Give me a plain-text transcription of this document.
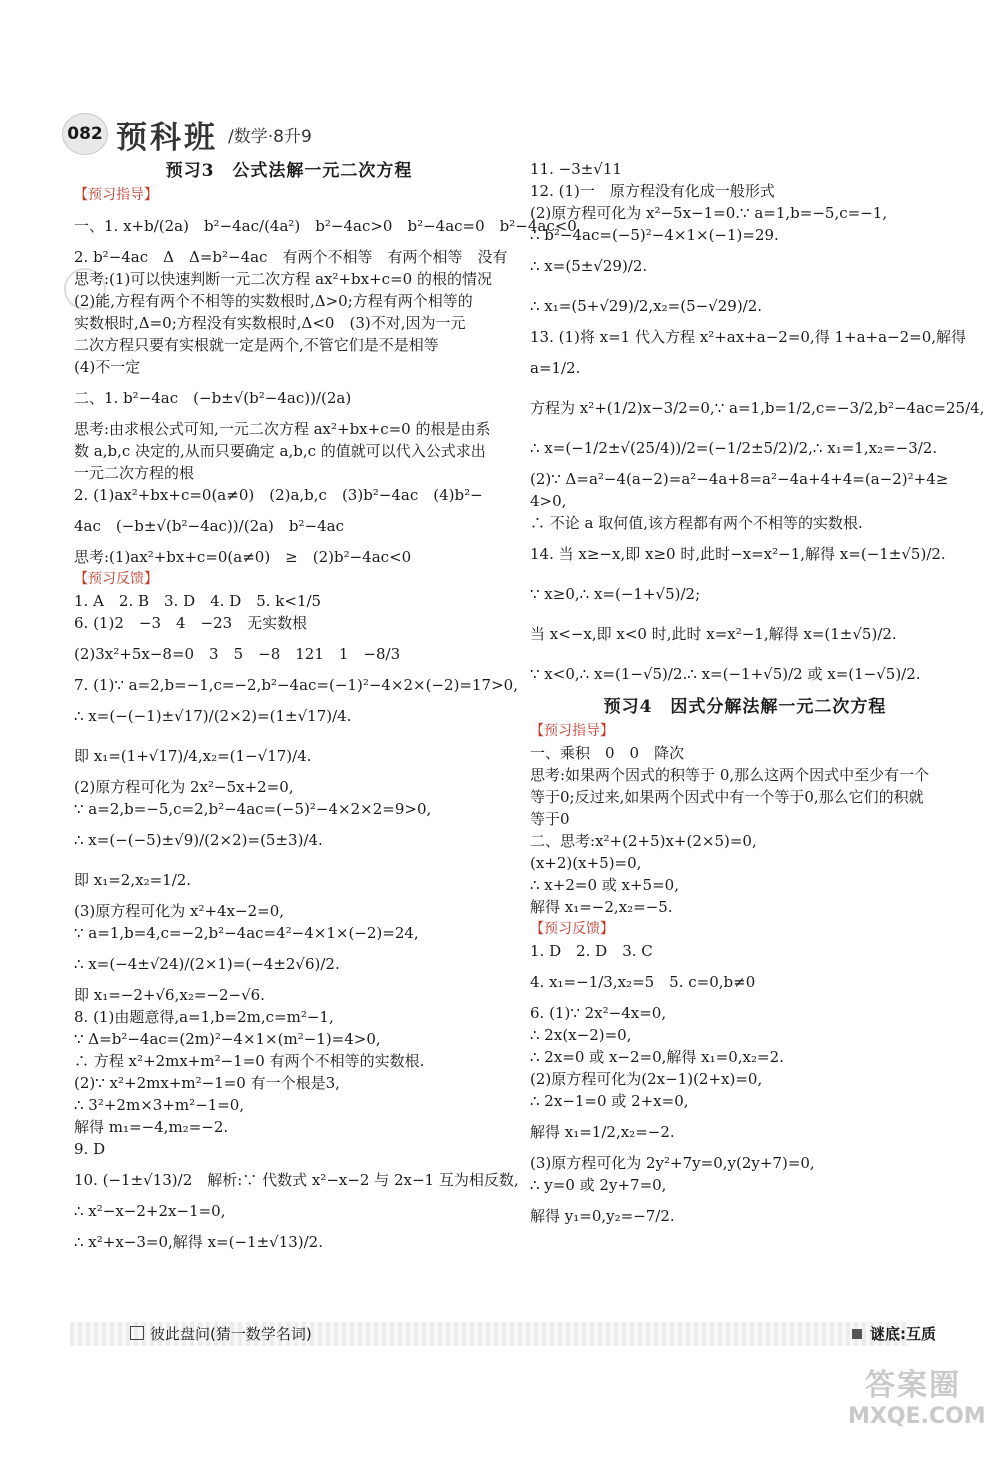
082 预科班 /数学·8升9
预习3　公式法解一元二次方程
【预习指导】
一、1. x+b/(2a)　b²−4ac/(4a²)　b²−4ac>0　b²−4ac=0　b²−4ac<0
2. b²−4ac　Δ　Δ=b²−4ac　有两个不相等　有两个相等　没有
思考:(1)可以快速判断一元二次方程 ax²+bx+c=0 的根的情况
(2)能,方程有两个不相等的实数根时,Δ>0;方程有两个相等的
实数根时,Δ=0;方程没有实数根时,Δ<0　(3)不对,因为一元
二次方程只要有实根就一定是两个,不管它们是不是相等
(4)不一定
二、1. b²−4ac　(−b±√(b²−4ac))/(2a)
思考:由求根公式可知,一元二次方程 ax²+bx+c=0 的根是由系
数 a,b,c 决定的,从而只要确定 a,b,c 的值就可以代入公式求出
一元二次方程的根
2. (1)ax²+bx+c=0(a≠0)　(2)a,b,c　(3)b²−4ac　(4)b²−
4ac　(−b±√(b²−4ac))/(2a)　b²−4ac
思考:(1)ax²+bx+c=0(a≠0)　≥　(2)b²−4ac<0
【预习反馈】
1. A　2. B　3. D　4. D　5. k<1/5
6. (1)2　−3　4　−23　无实数根
(2)3x²+5x−8=0　3　5　−8　121　1　−8/3
7. (1)∵ a=2,b=−1,c=−2,b²−4ac=(−1)²−4×2×(−2)=17>0,
∴ x=(−(−1)±√17)/(2×2)=(1±√17)/4.
即 x₁=(1+√17)/4,x₂=(1−√17)/4.
(2)原方程可化为 2x²−5x+2=0,
∵ a=2,b=−5,c=2,b²−4ac=(−5)²−4×2×2=9>0,
∴ x=(−(−5)±√9)/(2×2)=(5±3)/4.
即 x₁=2,x₂=1/2.
(3)原方程可化为 x²+4x−2=0,
∵ a=1,b=4,c=−2,b²−4ac=4²−4×1×(−2)=24,
∴ x=(−4±√24)/(2×1)=(−4±2√6)/2.
即 x₁=−2+√6,x₂=−2−√6.
8. (1)由题意得,a=1,b=2m,c=m²−1,
∵ Δ=b²−4ac=(2m)²−4×1×(m²−1)=4>0,
∴ 方程 x²+2mx+m²−1=0 有两个不相等的实数根.
(2)∵ x²+2mx+m²−1=0 有一个根是3,
∴ 3²+2m×3+m²−1=0,
解得 m₁=−4,m₂=−2.
9. D
10. (−1±√13)/2　解析:∵ 代数式 x²−x−2 与 2x−1 互为相反数,
∴ x²−x−2+2x−1=0,
∴ x²+x−3=0,解得 x=(−1±√13)/2.
11. −3±√11
12. (1)一　原方程没有化成一般形式
(2)原方程可化为 x²−5x−1=0.∵ a=1,b=−5,c=−1,
∴ b²−4ac=(−5)²−4×1×(−1)=29.
∴ x=(5±√29)/2.
∴ x₁=(5+√29)/2,x₂=(5−√29)/2.
13. (1)将 x=1 代入方程 x²+ax+a−2=0,得 1+a+a−2=0,解得
a=1/2.
方程为 x²+(1/2)x−3/2=0,∵ a=1,b=1/2,c=−3/2,b²−4ac=25/4,
∴ x=(−1/2±√(25/4))/2=(−1/2±5/2)/2,∴ x₁=1,x₂=−3/2.
(2)∵ Δ=a²−4(a−2)=a²−4a+8=a²−4a+4+4=(a−2)²+4≥
4>0,
∴ 不论 a 取何值,该方程都有两个不相等的实数根.
14. 当 x≥−x,即 x≥0 时,此时−x=x²−1,解得 x=(−1±√5)/2.
∵ x≥0,∴ x=(−1+√5)/2;
当 x<−x,即 x<0 时,此时 x=x²−1,解得 x=(1±√5)/2.
∵ x<0,∴ x=(1−√5)/2.∴ x=(−1+√5)/2 或 x=(1−√5)/2.
预习4　因式分解法解一元二次方程
【预习指导】
一、乘积　0　0　降次
思考:如果两个因式的积等于 0,那么这两个因式中至少有一个
等于0;反过来,如果两个因式中有一个等于0,那么它们的积就
等于0
二、思考:x²+(2+5)x+(2×5)=0,
(x+2)(x+5)=0,
∴ x+2=0 或 x+5=0,
解得 x₁=−2,x₂=−5.
【预习反馈】
1. D　2. D　3. C
4. x₁=−1/3,x₂=5　5. c=0,b≠0
6. (1)∵ 2x²−4x=0,
∴ 2x(x−2)=0,
∴ 2x=0 或 x−2=0,解得 x₁=0,x₂=2.
(2)原方程可化为(2x−1)(2+x)=0,
∴ 2x−1=0 或 2+x=0,
解得 x₁=1/2,x₂=−2.
(3)原方程可化为 2y²+7y=0,y(2y+7)=0,
∴ y=0 或 2y+7=0,
解得 y₁=0,y₂=−7/2.
彼此盘问(猜一数学名词)	谜底:互质
答案圈
MXQE.COM
